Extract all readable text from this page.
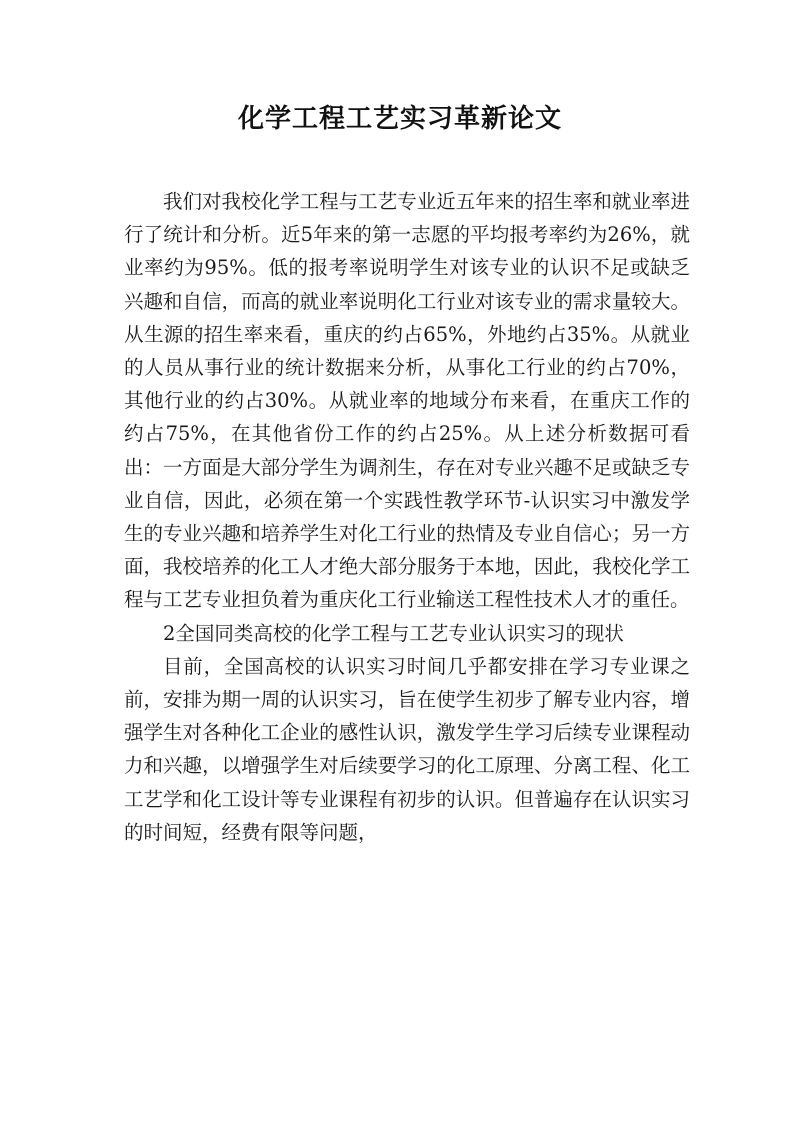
化学工程工艺实习革新论文

我们对我校化学工程与工艺专业近五年来的招生率和就业率进行了统计和分析。近5年来的第一志愿的平均报考率约为26%，就业率约为95%。低的报考率说明学生对该专业的认识不足或缺乏兴趣和自信，而高的就业率说明化工行业对该专业的需求量较大。从生源的招生率来看，重庆的约占65%，外地约占35%。从就业的人员从事行业的统计数据来分析，从事化工行业的约占70%，其他行业的约占30%。从就业率的地域分布来看，在重庆工作的约占75%，在其他省份工作的约占25%。从上述分析数据可看出：一方面是大部分学生为调剂生，存在对专业兴趣不足或缺乏专业自信，因此，必须在第一个实践性教学环节-认识实习中激发学生的专业兴趣和培养学生对化工行业的热情及专业自信心；另一方面，我校培养的化工人才绝大部分服务于本地，因此，我校化学工程与工艺专业担负着为重庆化工行业输送工程性技术人才的重任。

2全国同类高校的化学工程与工艺专业认识实习的现状

目前，全国高校的认识实习时间几乎都安排在学习专业课之前，安排为期一周的认识实习，旨在使学生初步了解专业内容，增强学生对各种化工企业的感性认识，激发学生学习后续专业课程动力和兴趣，以增强学生对后续要学习的化工原理、分离工程、化工工艺学和化工设计等专业课程有初步的认识。但普遍存在认识实习的时间短，经费有限等问题，
